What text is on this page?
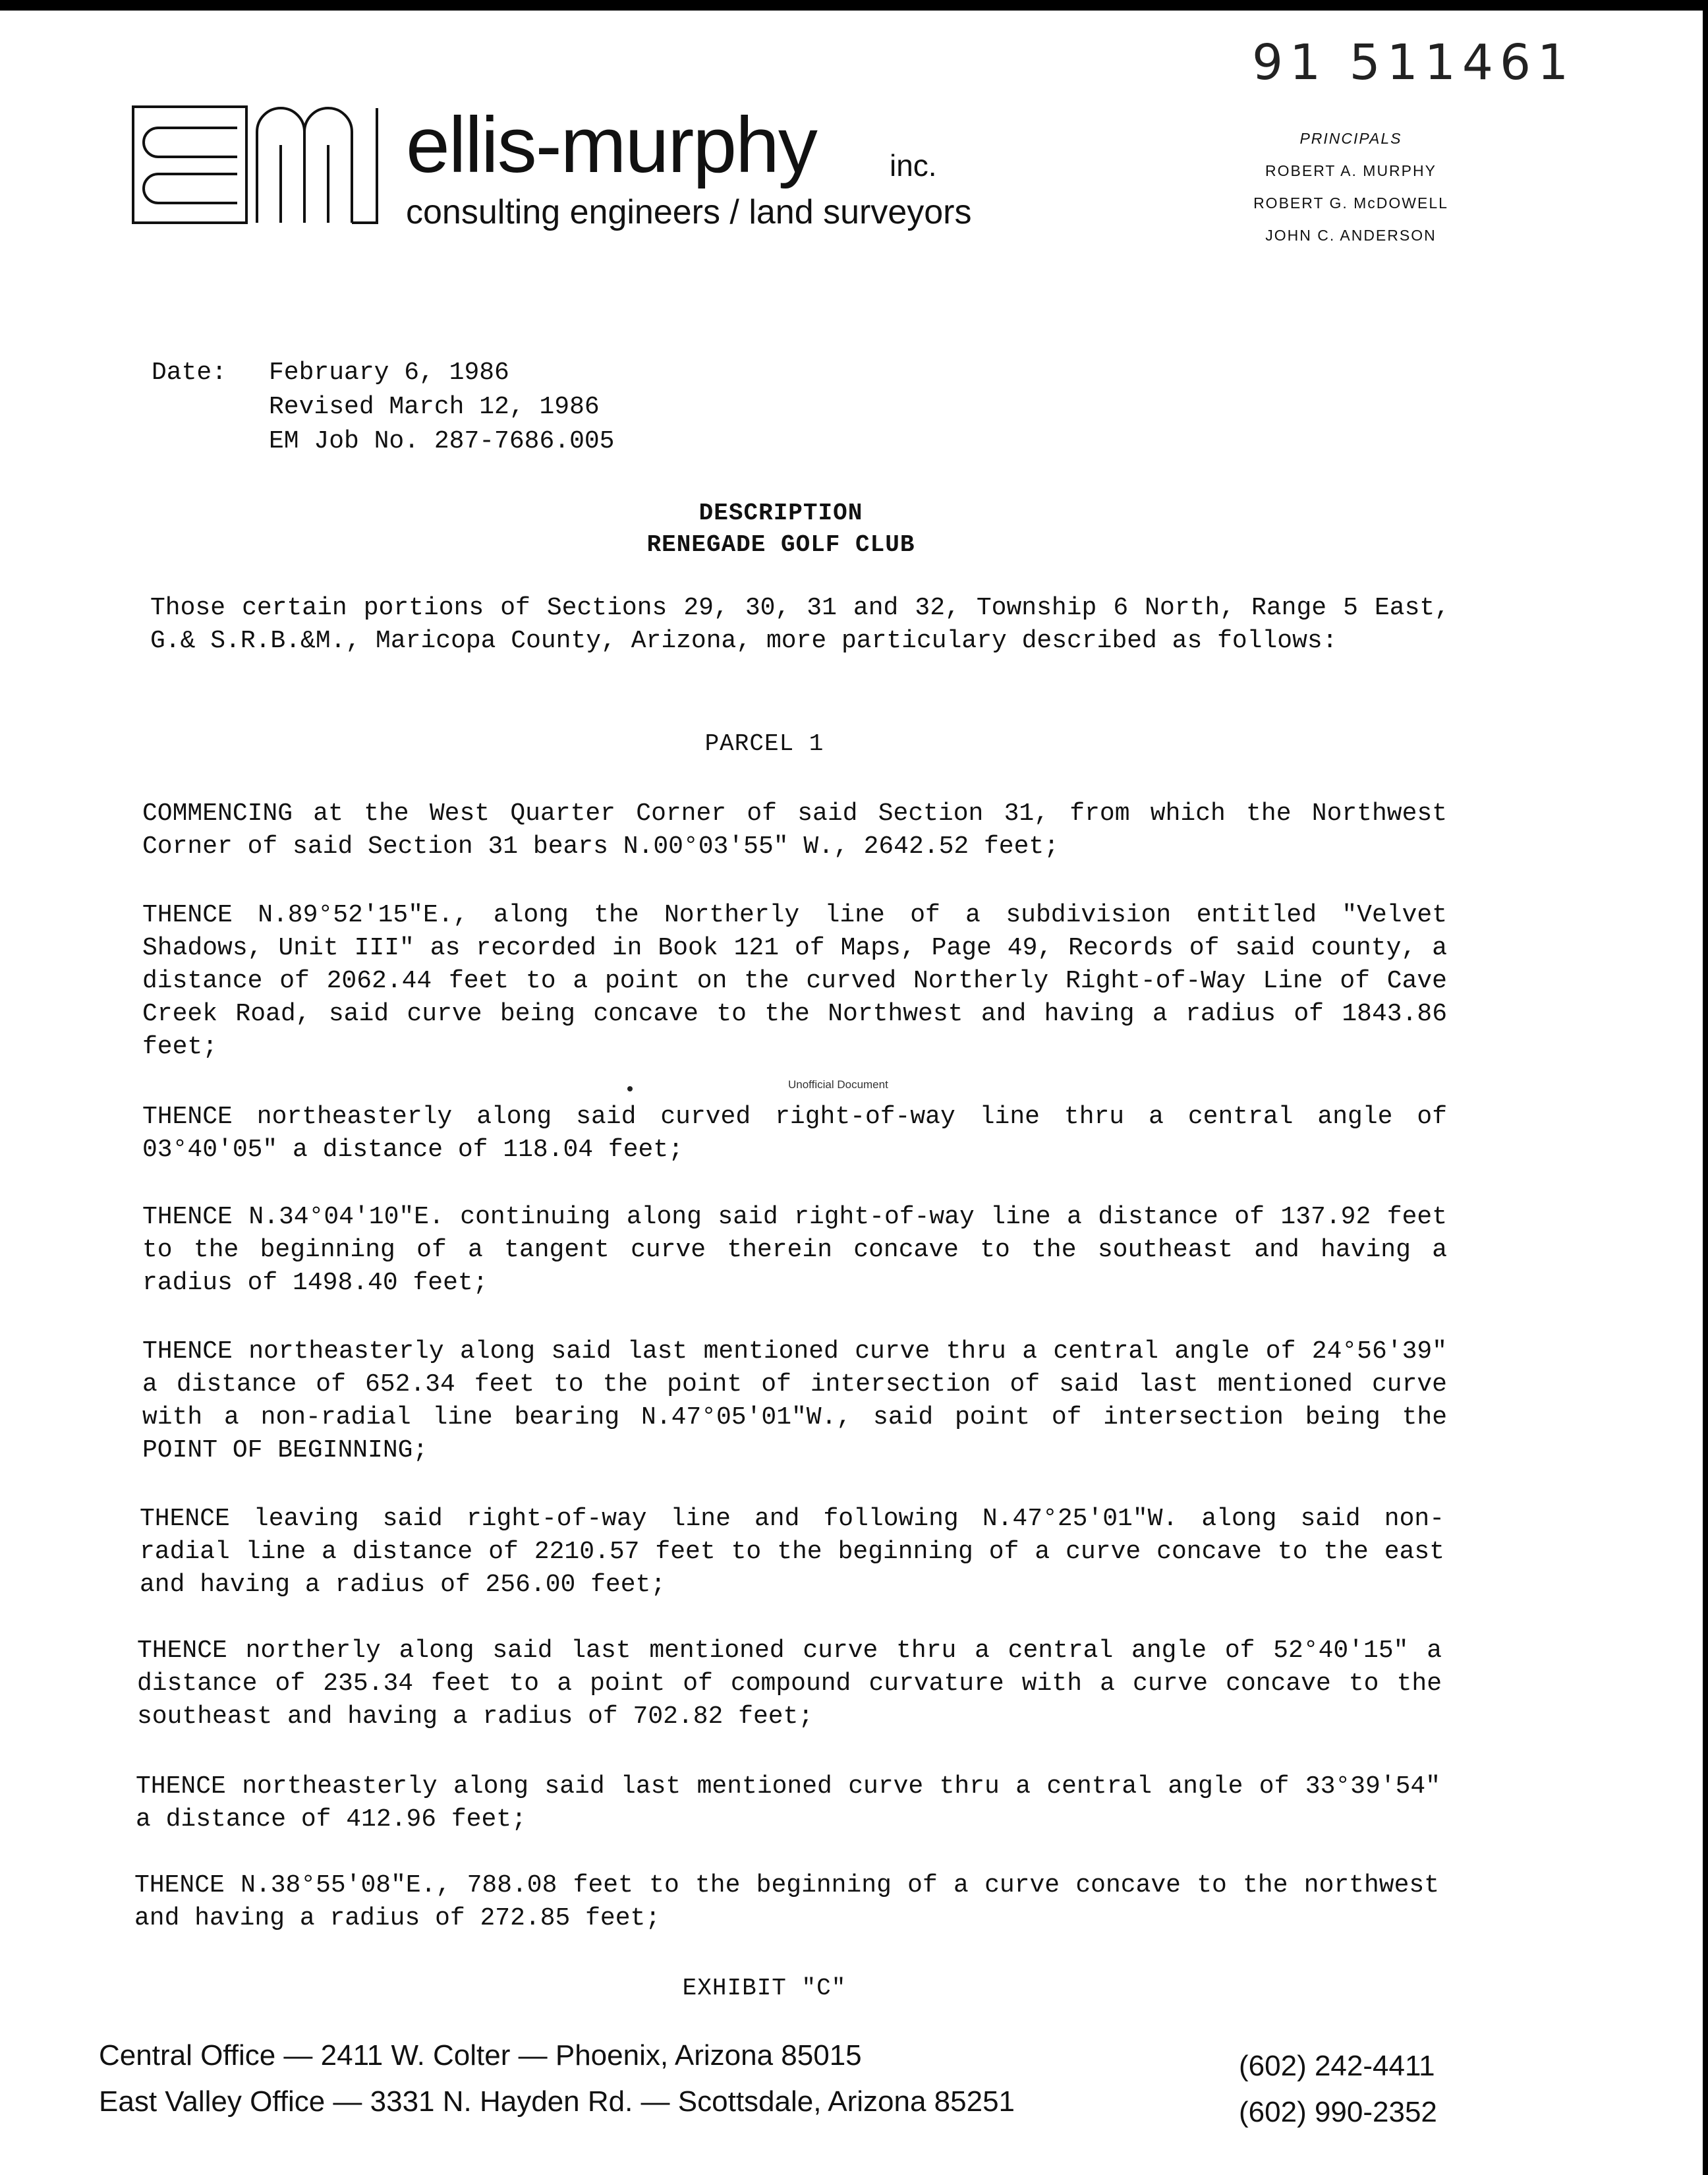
91 511461
ellis-murphy inc.
consulting engineers / land surveyors
PRINCIPALS
ROBERT A. MURPHY
ROBERT G. McDOWELL
JOHN C. ANDERSON
Date: February 6, 1986
Revised March 12, 1986
EM Job No. 287-7686.005
DESCRIPTION
RENEGADE GOLF CLUB
Those certain portions of Sections 29, 30, 31 and 32, Township 6 North, Range 5 East, G.& S.R.B.&M., Maricopa County, Arizona, more particulary described as follows:
PARCEL 1
COMMENCING at the West Quarter Corner of said Section 31, from which the Northwest Corner of said Section 31 bears N.00°03'55" W., 2642.52 feet;
THENCE N.89°52'15"E., along the Northerly line of a subdivision entitled "Velvet Shadows, Unit III" as recorded in Book 121 of Maps, Page 49, Records of said county, a distance of 2062.44 feet to a point on the curved Northerly Right-of-Way Line of Cave Creek Road, said curve being concave to the Northwest and having a radius of 1843.86 feet;
Unofficial Document
THENCE northeasterly along said curved right-of-way line thru a central angle of 03°40'05" a distance of 118.04 feet;
THENCE N.34°04'10"E. continuing along said right-of-way line a distance of 137.92 feet to the beginning of a tangent curve therein concave to the southeast and having a radius of 1498.40 feet;
THENCE northeasterly along said last mentioned curve thru a central angle of 24°56'39" a distance of 652.34 feet to the point of intersection of said last mentioned curve with a non-radial line bearing N.47°05'01"W., said point of intersection being the POINT OF BEGINNING;
THENCE leaving said right-of-way line and following N.47°25'01"W. along said non-radial line a distance of 2210.57 feet to the beginning of a curve concave to the east and having a radius of 256.00 feet;
THENCE northerly along said last mentioned curve thru a central angle of 52°40'15" a distance of 235.34 feet to a point of compound curvature with a curve concave to the southeast and having a radius of 702.82 feet;
THENCE northeasterly along said last mentioned curve thru a central angle of 33°39'54" a distance of 412.96 feet;
THENCE N.38°55'08"E., 788.08 feet to the beginning of a curve concave to the northwest and having a radius of 272.85 feet;
EXHIBIT "C"
Central Office — 2411 W. Colter — Phoenix, Arizona 85015	(602) 242-4411
East Valley Office — 3331 N. Hayden Rd. — Scottsdale, Arizona 85251	(602) 990-2352
